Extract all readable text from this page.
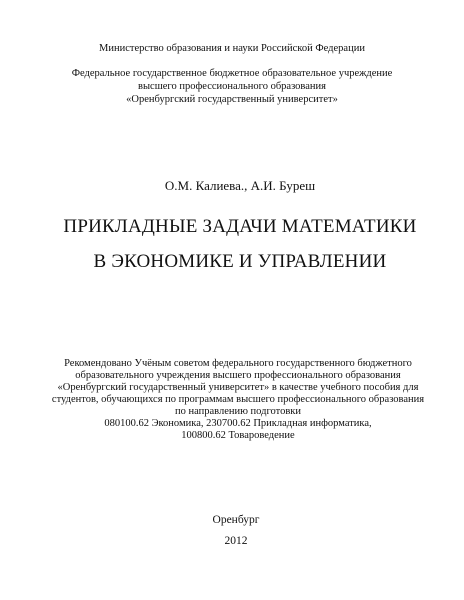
Министерство образования и науки Российской Федерации
Федеральное государственное бюджетное образовательное учреждение
высшего профессионального образования
«Оренбургский государственный университет»
О.М. Калиева., А.И. Буреш
ПРИКЛАДНЫЕ ЗАДАЧИ МАТЕМАТИКИ
В ЭКОНОМИКЕ И УПРАВЛЕНИИ
Рекомендовано Учёным советом федерального государственного бюджетного
образовательного учреждения высшего профессионального образования
«Оренбургский государственный университет» в качестве учебного пособия для
студентов, обучающихся по программам высшего профессионального образования
по направлению подготовки
080100.62 Экономика, 230700.62 Прикладная информатика,
100800.62 Товароведение
Оренбург
2012
